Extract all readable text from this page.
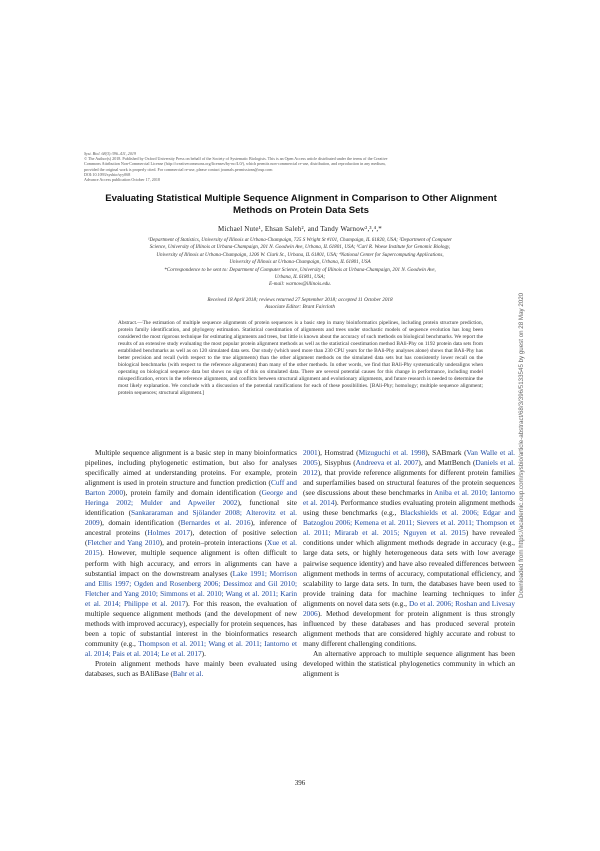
Syst. Biol. 68(3):396–411, 2019
© The Author(s) 2018. Published by Oxford University Press on behalf of the Society of Systematic Biologists. This is an Open Access article distributed under the terms of the Creative
Commons Attribution Non-Commercial License (http://creativecommons.org/licenses/by-nc/4.0/), which permits non-commercial re-use, distribution, and reproduction in any medium,
provided the original work is properly cited. For commercial re-use, please contact journals.permissions@oup.com
DOI:10.1093/sysbio/syy068
Advance Access publication October 17, 2018
Evaluating Statistical Multiple Sequence Alignment in Comparison to Other Alignment Methods on Protein Data Sets
Michael Nute¹, Ehsan Saleh², and Tandy Warnow²,³,⁴,*
¹Department of Statistics, University of Illinois at Urbana-Champaign, 725 S Wright St #101, Champaign, IL 61820, USA; ²Department of Computer
Science, University of Illinois at Urbana-Champaign, 201 N. Goodwin Ave, Urbana, IL 61801, USA; ³Carl R. Woese Institute for Genomic Biology,
University of Illinois at Urbana-Champaign, 1206 W. Clark St., Urbana, IL 61801, USA; ⁴National Center for Supercomputing Applications,
University of Illinois at Urbana-Champaign, Urbana, IL 61801, USA
*Correspondence to be sent to: Department of Computer Science, University of Illinois at Urbana-Champaign, 201 N. Goodwin Ave,
Urbana, IL 61801, USA;
E-mail: warnow@illinois.edu.
Received 18 April 2018; reviews returned 27 September 2018; accepted 11 October 2018
Associate Editor: Brant Faircloth
Abstract.—The estimation of multiple sequence alignments of protein sequences is a basic step in many bioinformatics pipelines, including protein structure prediction, protein family identification, and phylogeny estimation. Statistical coestimation of alignments and trees under stochastic models of sequence evolution has long been considered the most rigorous technique for estimating alignments and trees, but little is known about the accuracy of such methods on biological benchmarks. We report the results of an extensive study evaluating the most popular protein alignment methods as well as the statistical coestimation method BAli-Phy on 1192 protein data sets from established benchmarks as well as on 120 simulated data sets. Our study (which used more than 230 CPU years for the BAli-Phy analyses alone) shows that BAli-Phy has better precision and recall (with respect to the true alignments) than the other alignment methods on the simulated data sets but has consistently lower recall on the biological benchmarks (with respect to the reference alignments) than many of the other methods. In other words, we find that BAli-Phy systematically underaligns when operating on biological sequence data but shows no sign of this on simulated data. There are several potential causes for this change in performance, including model misspecification, errors in the reference alignments, and conflicts between structural alignment and evolutionary alignments, and future research is needed to determine the most likely explanation. We conclude with a discussion of the potential ramifications for each of these possibilities. [BAli-Phy; homology; multiple sequence alignment; protein sequences; structural alignment.]

Multiple sequence alignment is a basic step in many bioinformatics pipelines, including phylogenetic estimation, but also for analyses specifically aimed at understanding proteins. For example, protein alignment is used in protein structure and function prediction (Cuff and Barton 2000), protein family and domain identification (George and Heringa 2002; Mulder and Apweiler 2002), functional site identification (Sankararaman and Sjölander 2008; Alterovitz et al. 2009), domain identification (Bernardes et al. 2016), inference of ancestral proteins (Holmes 2017), detection of positive selection (Fletcher and Yang 2010), and protein–protein interactions (Xue et al. 2015). However, multiple sequence alignment is often difficult to perform with high accuracy, and errors in alignments can have a substantial impact on the downstream analyses (Lake 1991; Morrison and Ellis 1997; Ogden and Rosenberg 2006; Dessimoz and Gil 2010; Fletcher and Yang 2010; Simmons et al. 2010; Wang et al. 2011; Karin et al. 2014; Philippe et al. 2017). For this reason, the evaluation of multiple sequence alignment methods (and the development of new methods with improved accuracy), especially for protein sequences, has been a topic of substantial interest in the bioinformatics research community (e.g., Thompson et al. 2011; Wang et al. 2011; Iantorno et al. 2014; Pais et al. 2014; Le et al. 2017).

Protein alignment methods have mainly been evaluated using databases, such as BAliBase (Bahr et al.

2001), Homstrad (Mizuguchi et al. 1998), SABmark (Van Walle et al. 2005), Sisyphus (Andreeva et al. 2007), and MattBench (Daniels et al. 2012), that provide reference alignments for different protein families and superfamilies based on structural features of the protein sequences (see discussions about these benchmarks in Aniba et al. 2010; Iantorno et al. 2014). Performance studies evaluating protein alignment methods using these benchmarks (e.g., Blackshields et al. 2006; Edgar and Batzoglou 2006; Kemena et al. 2011; Sievers et al. 2011; Thompson et al. 2011; Mirarab et al. 2015; Nguyen et al. 2015) have revealed conditions under which alignment methods degrade in accuracy (e.g., large data sets, or highly heterogeneous data sets with low average pairwise sequence identity) and have also revealed differences between alignment methods in terms of accuracy, computational efficiency, and scalability to large data sets. In turn, the databases have been used to provide training data for machine learning techniques to infer alignments on novel data sets (e.g., Do et al. 2006; Roshan and Livesay 2006). Method development for protein alignment is thus strongly influenced by these databases and has produced several protein alignment methods that are considered highly accurate and robust to many different challenging conditions.

An alternative approach to multiple sequence alignment has been developed within the statistical phylogenetics community in which an alignment is

396
Downloaded from https://academic.oup.com/sysbio/article-abstract/68/3/396/5133545 by guest on 28 May 2020
